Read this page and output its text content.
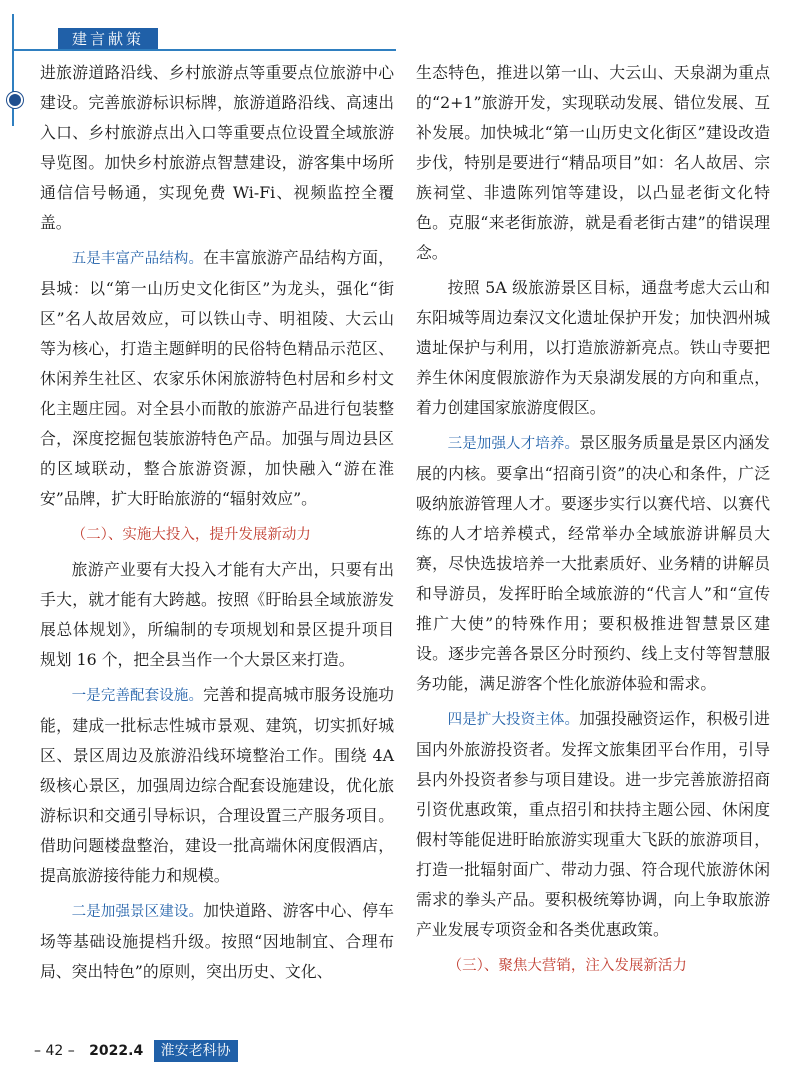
建言献策

进旅游道路沿线、乡村旅游点等重要点位旅游中心建设。完善旅游标识标牌，旅游道路沿线、高速出入口、乡村旅游点出入口等重要点位设置全域旅游导览图。加快乡村旅游点智慧建设，游客集中场所通信信号畅通，实现免费 Wi-Fi、视频监控全覆盖。

五是丰富产品结构。在丰富旅游产品结构方面，县城：以“第一山历史文化街区”为龙头，强化“街区”名人故居效应，可以铁山寺、明祖陵、大云山等为核心，打造主题鲜明的民俗特色精品示范区、休闲养生社区、农家乐休闲旅游特色村居和乡村文化主题庄园。对全县小而散的旅游产品进行包装整合，深度挖掘包装旅游特色产品。加强与周边县区的区域联动，整合旅游资源，加快融入“游在淮安”品牌，扩大盱眙旅游的“辐射效应”。

（二）、实施大投入，提升发展新动力

旅游产业要有大投入才能有大产出，只要有出手大，就才能有大跨越。按照《盱眙县全域旅游发展总体规划》，所编制的专项规划和景区提升项目规划 16 个，把全县当作一个大景区来打造。

一是完善配套设施。完善和提高城市服务设施功能，建成一批标志性城市景观、建筑，切实抓好城区、景区周边及旅游沿线环境整治工作。围绕 4A 级核心景区，加强周边综合配套设施建设，优化旅游标识和交通引导标识，合理设置三产服务项目。借助问题楼盘整治，建设一批高端休闲度假酒店，提高旅游接待能力和规模。

二是加强景区建设。加快道路、游客中心、停车场等基础设施提档升级。按照“因地制宜、合理布局、突出特色”的原则，突出历史、文化、

生态特色，推进以第一山、大云山、天泉湖为重点的“2+1”旅游开发，实现联动发展、错位发展、互补发展。加快城北“第一山历史文化街区”建设改造步伐，特别是要进行“精品项目”如：名人故居、宗族祠堂、非遗陈列馆等建设，以凸显老街文化特色。克服“来老街旅游，就是看老街古建”的错误理念。

按照 5A 级旅游景区目标，通盘考虑大云山和东阳城等周边秦汉文化遗址保护开发；加快泗州城遗址保护与利用，以打造旅游新亮点。铁山寺要把养生休闲度假旅游作为天泉湖发展的方向和重点，着力创建国家旅游度假区。

三是加强人才培养。景区服务质量是景区内涵发展的内核。要拿出“招商引资”的决心和条件，广泛吸纳旅游管理人才。要逐步实行以赛代培、以赛代练的人才培养模式，经常举办全域旅游讲解员大赛，尽快选拔培养一大批素质好、业务精的讲解员和导游员，发挥盱眙全域旅游的“代言人”和“宣传推广大使”的特殊作用；要积极推进智慧景区建设。逐步完善各景区分时预约、线上支付等智慧服务功能，满足游客个性化旅游体验和需求。

四是扩大投资主体。加强投融资运作，积极引进国内外旅游投资者。发挥文旅集团平台作用，引导县内外投资者参与项目建设。进一步完善旅游招商引资优惠政策，重点招引和扶持主题公园、休闲度假村等能促进盱眙旅游实现重大飞跃的旅游项目，打造一批辐射面广、带动力强、符合现代旅游休闲需求的拳头产品。要积极统筹协调，向上争取旅游产业发展专项资金和各类优惠政策。

（三）、聚焦大营销，注入发展新活力

– 42 – 2022.4 淮安老科协
